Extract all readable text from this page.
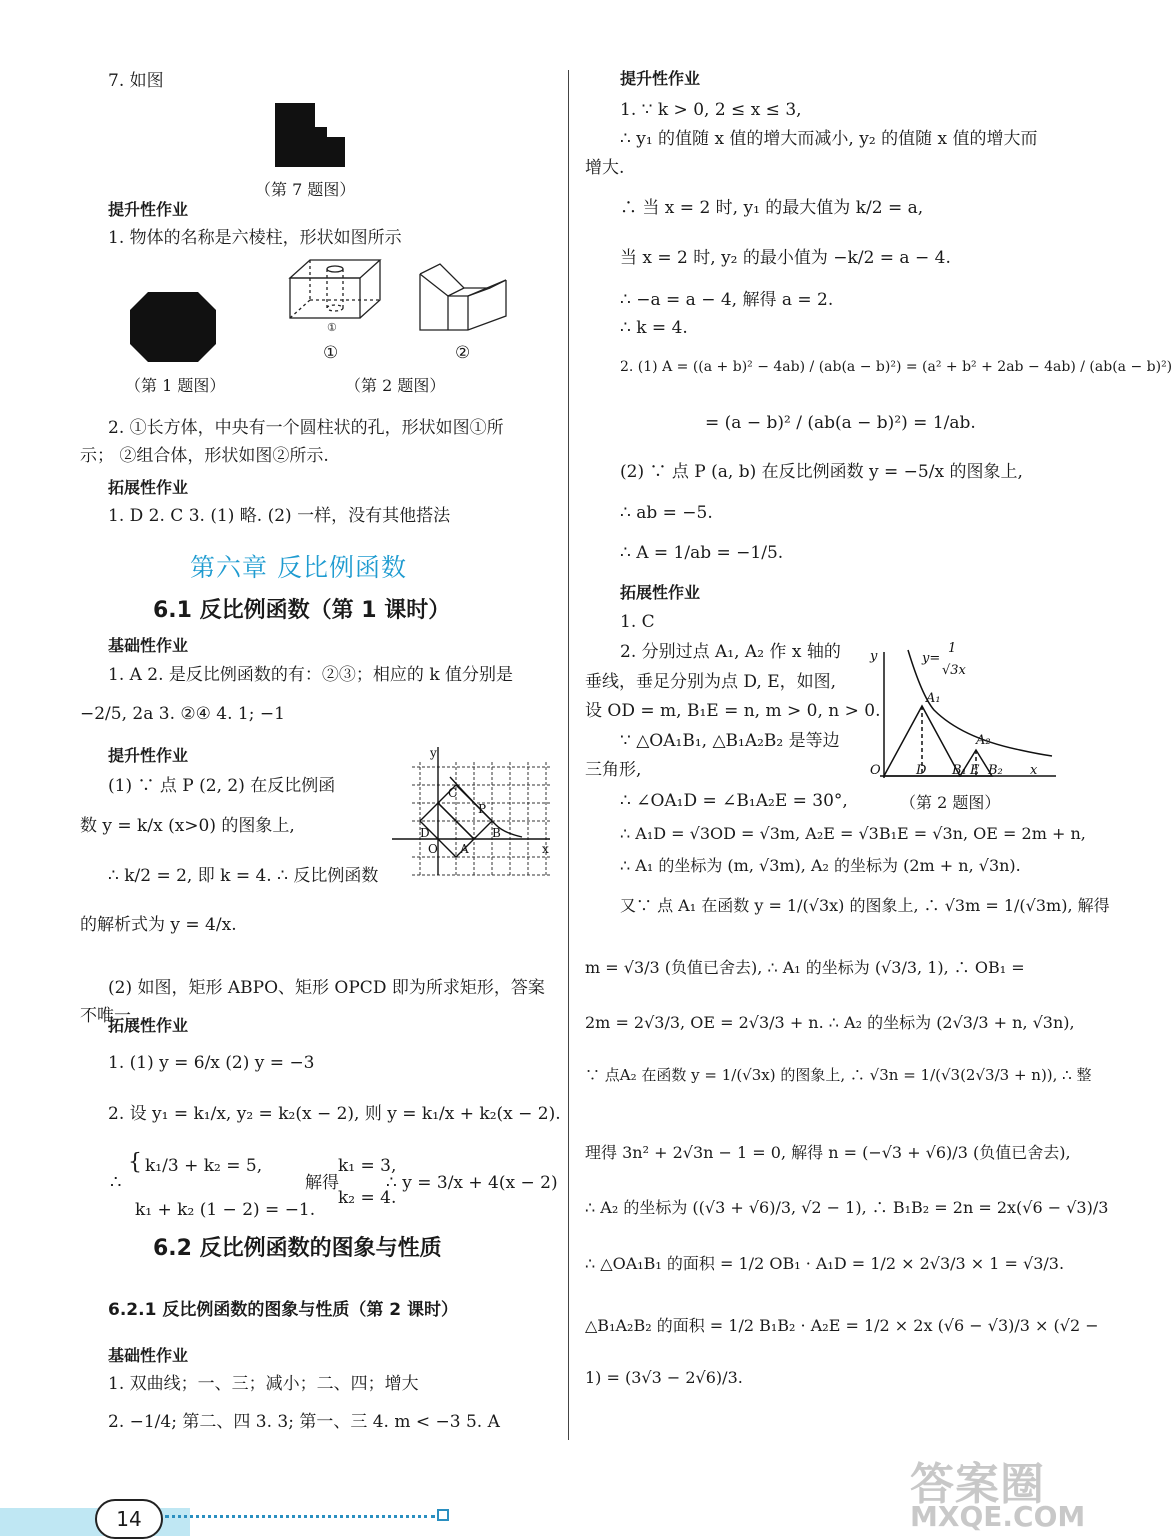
7. 如图
（第 7 题图）
提升性作业
1. 物体的名称是六棱柱，形状如图所示
①
①	②
（第 1 题图）	（第 2 题图）
2. ①长方体，中央有一个圆柱状的孔，形状如图①所
示； ②组合体，形状如图②所示.
拓展性作业
1. D 2. C 3. (1) 略. (2) 一样，没有其他搭法
第六章 反比例函数
6.1 反比例函数（第 1 课时）
基础性作业
1. A 2. 是反比例函数的有：②③；相应的 k 值分别是
−2/5, 2a 3. ②④ 4. 1; −1
提升性作业
(1) ∵ 点 P (2, 2) 在反比例函
数 y = k/x (x>0) 的图象上,
∴ k/2 = 2, 即 k = 4. ∴ 反比例函数
的解析式为 y = 4/x.
y
x
C
P
D	B
O A
(2) 如图，矩形 ABPO、矩形 OPCD 即为所求矩形，答案
不唯一.
拓展性作业
1. (1) y = 6/x (2) y = −3
2. 设 y₁ = k₁/x, y₂ = k₂(x − 2), 则 y = k₁/x + k₂(x − 2).
∴
{ k₁/3 + k₂ = 5,
k₁ + k₂ (1 − 2) = −1.
解得
k₁ = 3,
k₂ = 4.
∴ y = 3/x + 4(x − 2)
6.2 反比例函数的图象与性质
6.2.1 反比例函数的图象与性质（第 2 课时）
基础性作业
1. 双曲线；一、三；减小；二、四；增大
2. −1/4; 第二、四 3. 3; 第一、三 4. m < −3 5. A
提升性作业
1. ∵ k > 0, 2 ≤ x ≤ 3,
∴ y₁ 的值随 x 值的增大而减小, y₂ 的值随 x 值的增大而
增大.
∴ 当 x = 2 时, y₁ 的最大值为 k/2 = a,
当 x = 2 时, y₂ 的最小值为 −k/2 = a − 4.
∴ −a = a − 4, 解得 a = 2.
∴ k = 4.
2. (1) A = ((a + b)² − 4ab) / (ab(a − b)²) = (a² + b² + 2ab − 4ab) / (ab(a − b)²)
= (a − b)² / (ab(a − b)²) = 1/ab.
(2) ∵ 点 P (a, b) 在反比例函数 y = −5/x 的图象上,
∴ ab = −5.
∴ A = 1/ab = −1/5.
拓展性作业
1. C
2. 分别过点 A₁, A₂ 作 x 轴的
垂线，垂足分别为点 D, E，如图,
设 OD = m, B₁E = n, m > 0, n > 0.
∵ △OA₁B₁, △B₁A₂B₂ 是等边
三角形,
∴ ∠OA₁D = ∠B₁A₂E = 30°,
y	y=
1
√3x
A₁
A₂
O	D B₁ E B₂ x
（第 2 题图）
∴ A₁D = √3OD = √3m, A₂E = √3B₁E = √3n, OE = 2m + n,
∴ A₁ 的坐标为 (m, √3m), A₂ 的坐标为 (2m + n, √3n).
又∵ 点 A₁ 在函数 y = 1/(√3x) 的图象上, ∴ √3m = 1/(√3m), 解得
m = √3/3 (负值已舍去), ∴ A₁ 的坐标为 (√3/3, 1), ∴ OB₁ =
2m = 2√3/3, OE = 2√3/3 + n. ∴ A₂ 的坐标为 (2√3/3 + n, √3n),
∵ 点A₂ 在函数 y = 1/(√3x) 的图象上, ∴ √3n = 1/(√3(2√3/3 + n)), ∴ 整
理得 3n² + 2√3n − 1 = 0, 解得 n = (−√3 + √6)/3 (负值已舍去),
∴ A₂ 的坐标为 ((√3 + √6)/3, √2 − 1), ∴ B₁B₂ = 2n = 2x(√6 − √3)/3
∴ △OA₁B₁ 的面积 = 1/2 OB₁ · A₁D = 1/2 × 2√3/3 × 1 = √3/3.
△B₁A₂B₂ 的面积 = 1/2 B₁B₂ · A₂E = 1/2 × 2x (√6 − √3)/3 × (√2 −
1) = (3√3 − 2√6)/3.
14
答案圈
MXQE.COM
